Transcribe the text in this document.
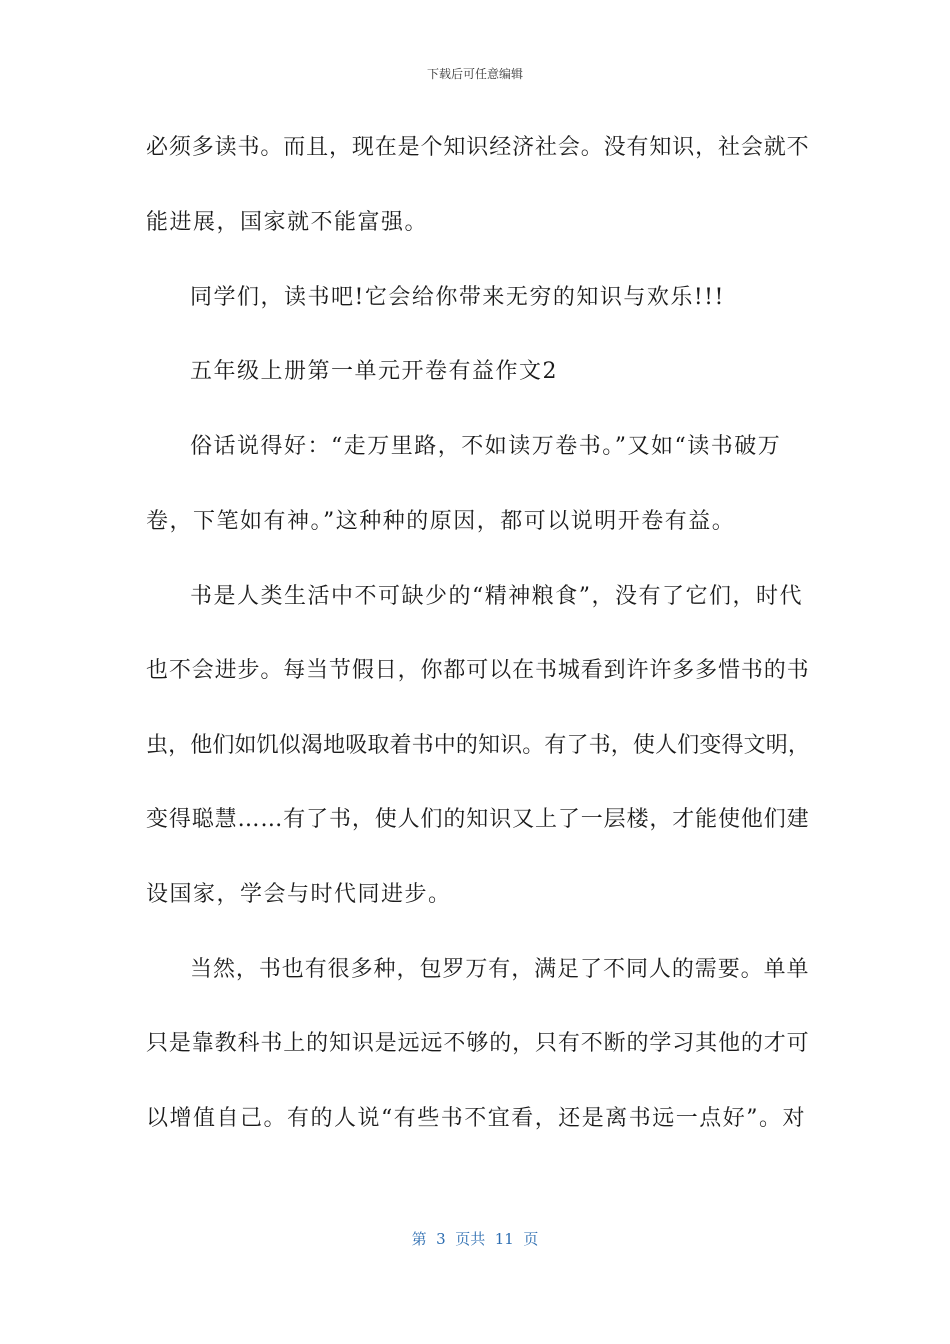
下载后可任意编辑
必须多读书。而且，现在是个知识经济社会。没有知识，社会就不
能进展，国家就不能富强。
同学们，读书吧!它会给你带来无穷的知识与欢乐!!!
五年级上册第一单元开卷有益作文2
俗话说得好：“走万里路，不如读万卷书。”又如“读书破万
卷，下笔如有神。”这种种的原因，都可以说明开卷有益。
书是人类生活中不可缺少的“精神粮食”，没有了它们，时代
也不会进步。每当节假日，你都可以在书城看到许许多多惜书的书
虫，他们如饥似渴地吸取着书中的知识。有了书，使人们变得文明，
变得聪慧……有了书，使人们的知识又上了一层楼，才能使他们建
设国家，学会与时代同进步。
当然，书也有很多种，包罗万有，满足了不同人的需要。单单
只是靠教科书上的知识是远远不够的，只有不断的学习其他的才可
以增值自己。有的人说“有些书不宜看，还是离书远一点好”。对
第  3  页共  11  页
